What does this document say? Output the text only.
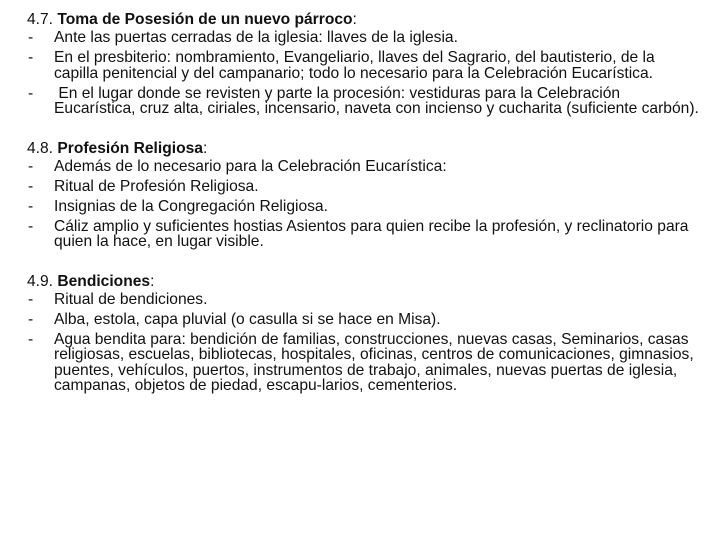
4.7. Toma de Posesión de un nuevo párroco:

- Ante las puertas cerradas de la iglesia: llaves de la iglesia.
- En el presbiterio: nombramiento, Evangeliario, llaves del Sagrario, del bautisterio, de la capilla penitencial y del campanario; todo lo necesario para la Celebración Eucarística.
- En el lugar donde se revisten y parte la procesión: vestiduras para la Celebración Eucarística, cruz alta, ciriales, incensario, naveta con incienso y cucharita (suficiente carbón).

4.8. Profesión Religiosa:

- Además de lo necesario para la Celebración Eucarística:
- Ritual de Profesión Religiosa.
- Insignias de la Congregación Religiosa.
- Cáliz amplio y suficientes hostias Asientos para quien recibe la profesión, y reclinatorio para quien la hace, en lugar visible.

4.9. Bendiciones:

- Ritual de bendiciones.
- Alba, estola, capa pluvial (o casulla si se hace en Misa).
- Agua bendita para: bendición de familias, construcciones, nuevas casas, Seminarios, casas religiosas, escuelas, bibliotecas, hospitales, oficinas, centros de comunicaciones, gimnasios, puentes, vehículos, puertos, instrumentos de trabajo, animales, nuevas puertas de iglesia, campanas, objetos de piedad, escapu-larios, cementerios.
